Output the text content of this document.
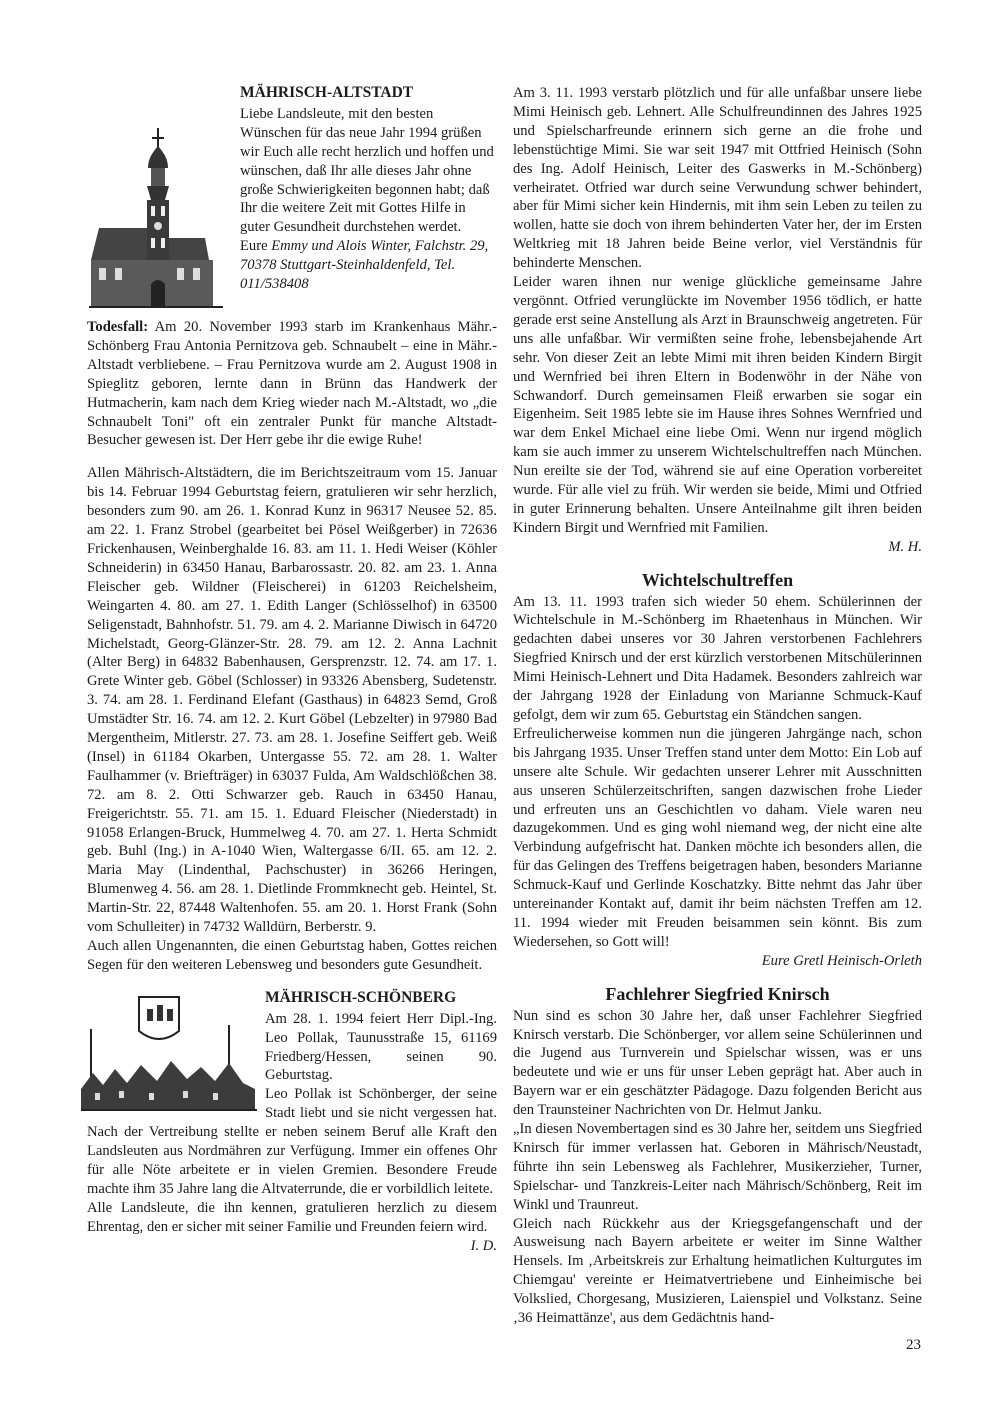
MÄHRISCH-ALTSTADT

Liebe Landsleute, mit den besten Wünschen für das neue Jahr 1994 grüßen wir Euch alle recht herzlich und hoffen und wünschen, daß Ihr alle dieses Jahr ohne große Schwierigkeiten begonnen habt; daß Ihr die weitere Zeit mit Gottes Hilfe in guter Gesundheit durchstehen werdet.

Eure Emmy und Alois Winter, Falchstr. 29, 70378 Stuttgart-Steinhaldenfeld, Tel. 011/538408

Todesfall: Am 20. November 1993 starb im Krankenhaus Mähr.-Schönberg Frau Antonia Pernitzova geb. Schnaubelt – eine in Mähr.-Altstadt verbliebene. – Frau Pernitzova wurde am 2. August 1908 in Spieglitz geboren, lernte dann in Brünn das Handwerk der Hutmacherin, kam nach dem Krieg wieder nach M.-Altstadt, wo „die Schnaubelt Toni" oft ein zentraler Punkt für manche Altstadt-Besucher gewesen ist. Der Herr gebe ihr die ewige Ruhe!

Allen Mährisch-Altstädtern, die im Berichtszeitraum vom 15. Januar bis 14. Februar 1994 Geburtstag feiern, gratulieren wir sehr herzlich, besonders zum 90. am 26. 1. Konrad Kunz in 96317 Neusee 52. 85. am 22. 1. Franz Strobel (gearbeitet bei Pösel Weißgerber) in 72636 Frickenhausen, Weinberghalde 16. 83. am 11. 1. Hedi Weiser (Köhler Schneiderin) in 63450 Hanau, Barbarossastr. 20. 82. am 23. 1. Anna Fleischer geb. Wildner (Fleischerei) in 61203 Reichelsheim, Weingarten 4. 80. am 27. 1. Edith Langer (Schlösselhof) in 63500 Seligenstadt, Bahnhofstr. 51. 79. am 4. 2. Marianne Diwisch in 64720 Michelstadt, Georg-Glänzer-Str. 28. 79. am 12. 2. Anna Lachnit (Alter Berg) in 64832 Babenhausen, Gersprenzstr. 12. 74. am 17. 1. Grete Winter geb. Göbel (Schlosser) in 93326 Abensberg, Sudetenstr. 3. 74. am 28. 1. Ferdinand Elefant (Gasthaus) in 64823 Semd, Groß Umstädter Str. 16. 74. am 12. 2. Kurt Göbel (Lebzelter) in 97980 Bad Mergentheim, Mitlerstr. 27. 73. am 28. 1. Josefine Seiffert geb. Weiß (Insel) in 61184 Okarben, Untergasse 55. 72. am 28. 1. Walter Faulhammer (v. Briefträger) in 63037 Fulda, Am Waldschlößchen 38. 72. am 8. 2. Otti Schwarzer geb. Rauch in 63450 Hanau, Freigerichtstr. 55. 71. am 15. 1. Eduard Fleischer (Niederstadt) in 91058 Erlangen-Bruck, Hummelweg 4. 70. am 27. 1. Herta Schmidt geb. Buhl (Ing.) in A-1040 Wien, Waltergasse 6/II. 65. am 12. 2. Maria May (Lindenthal, Pachschuster) in 36266 Heringen, Blumenweg 4. 56. am 28. 1. Dietlinde Frommknecht geb. Heintel, St. Martin-Str. 22, 87448 Waltenhofen. 55. am 20. 1. Horst Frank (Sohn vom Schulleiter) in 74732 Walldürn, Berberstr. 9.

Auch allen Ungenannten, die einen Geburtstag haben, Gottes reichen Segen für den weiteren Lebensweg und besonders gute Gesundheit.

MÄHRISCH-SCHÖNBERG

Am 28. 1. 1994 feiert Herr Dipl.-Ing. Leo Pollak, Taunusstraße 15, 61169 Friedberg/Hessen, seinen 90. Geburtstag.

Leo Pollak ist Schönberger, der seine Stadt liebt und sie nicht vergessen hat. Nach der Vertreibung stellte er neben seinem Beruf alle Kraft den Landsleuten aus Nordmähren zur Verfügung. Immer ein offenes Ohr für alle Nöte arbeitete er in vielen Gremien. Besondere Freude machte ihm 35 Jahre lang die Altvaterrunde, die er vorbildlich leitete.

Alle Landsleute, die ihn kennen, gratulieren herzlich zu diesem Ehrentag, den er sicher mit seiner Familie und Freunden feiern wird.

I. D.

Am 3. 11. 1993 verstarb plötzlich und für alle unfaßbar unsere liebe Mimi Heinisch geb. Lehnert. Alle Schulfreundinnen des Jahres 1925 und Spielscharfreunde erinnern sich gerne an die frohe und lebenstüchtige Mimi. Sie war seit 1947 mit Ottfried Heinisch (Sohn des Ing. Adolf Heinisch, Leiter des Gaswerks in M.-Schönberg) verheiratet. Otfried war durch seine Verwundung schwer behindert, aber für Mimi sicher kein Hindernis, mit ihm sein Leben zu teilen zu wollen, hatte sie doch von ihrem behinderten Vater her, der im Ersten Weltkrieg mit 18 Jahren beide Beine verlor, viel Verständnis für behinderte Menschen.

Leider waren ihnen nur wenige glückliche gemeinsame Jahre vergönnt. Otfried verunglückte im November 1956 tödlich, er hatte gerade erst seine Anstellung als Arzt in Braunschweig angetreten. Für uns alle unfaßbar. Wir vermißten seine frohe, lebensbejahende Art sehr. Von dieser Zeit an lebte Mimi mit ihren beiden Kindern Birgit und Wernfried bei ihren Eltern in Bodenwöhr in der Nähe von Schwandorf. Durch gemeinsamen Fleiß erwarben sie sogar ein Eigenheim. Seit 1985 lebte sie im Hause ihres Sohnes Wernfried und war dem Enkel Michael eine liebe Omi. Wenn nur irgend möglich kam sie auch immer zu unserem Wichtelschultreffen nach München. Nun ereilte sie der Tod, während sie auf eine Operation vorbereitet wurde. Für alle viel zu früh. Wir werden sie beide, Mimi und Otfried in guter Erinnerung behalten. Unsere Anteilnahme gilt ihren beiden Kindern Birgit und Wernfried mit Familien.

M. H.

Wichtelschultreffen

Am 13. 11. 1993 trafen sich wieder 50 ehem. Schülerinnen der Wichtelschule in M.-Schönberg im Rhaetenhaus in München. Wir gedachten dabei unseres vor 30 Jahren verstorbenen Fachlehrers Siegfried Knirsch und der erst kürzlich verstorbenen Mitschülerinnen Mimi Heinisch-Lehnert und Dita Hadamek. Besonders zahlreich war der Jahrgang 1928 der Einladung von Marianne Schmuck-Kauf gefolgt, dem wir zum 65. Geburtstag ein Ständchen sangen.

Erfreulicherweise kommen nun die jüngeren Jahrgänge nach, schon bis Jahrgang 1935. Unser Treffen stand unter dem Motto: Ein Lob auf unsere alte Schule. Wir gedachten unserer Lehrer mit Ausschnitten aus unseren Schülerzeitschriften, sangen dazwischen frohe Lieder und erfreuten uns an Geschichtlen vo daham. Viele waren neu dazugekommen. Und es ging wohl niemand weg, der nicht eine alte Verbindung aufgefrischt hat. Danken möchte ich besonders allen, die für das Gelingen des Treffens beigetragen haben, besonders Marianne Schmuck-Kauf und Gerlinde Koschatzky. Bitte nehmt das Jahr über untereinander Kontakt auf, damit ihr beim nächsten Treffen am 12. 11. 1994 wieder mit Freuden beisammen sein könnt. Bis zum Wiedersehen, so Gott will!

Eure Gretl Heinisch-Orleth

Fachlehrer Siegfried Knirsch

Nun sind es schon 30 Jahre her, daß unser Fachlehrer Siegfried Knirsch verstarb. Die Schönberger, vor allem seine Schülerinnen und die Jugend aus Turnverein und Spielschar wissen, was er uns bedeutete und wie er uns für unser Leben geprägt hat. Aber auch in Bayern war er ein geschätzter Pädagoge. Dazu folgenden Bericht aus den Traunsteiner Nachrichten von Dr. Helmut Janku.

„In diesen Novembertagen sind es 30 Jahre her, seitdem uns Siegfried Knirsch für immer verlassen hat. Geboren in Mährisch/Neustadt, führte ihn sein Lebensweg als Fachlehrer, Musikerzieher, Turner, Spielschar- und Tanzkreis-Leiter nach Mährisch/Schönberg, Reit im Winkl und Traunreut.

Gleich nach Rückkehr aus der Kriegsgefangenschaft und der Ausweisung nach Bayern arbeitete er weiter im Sinne Walther Hensels. Im ‚Arbeitskreis zur Erhaltung heimatlichen Kulturgutes im Chiemgau' vereinte er Heimatvertriebene und Einheimische bei Volkslied, Chorgesang, Musizieren, Laienspiel und Volkstanz. Seine ‚36 Heimattänze', aus dem Gedächtnis hand-

23
